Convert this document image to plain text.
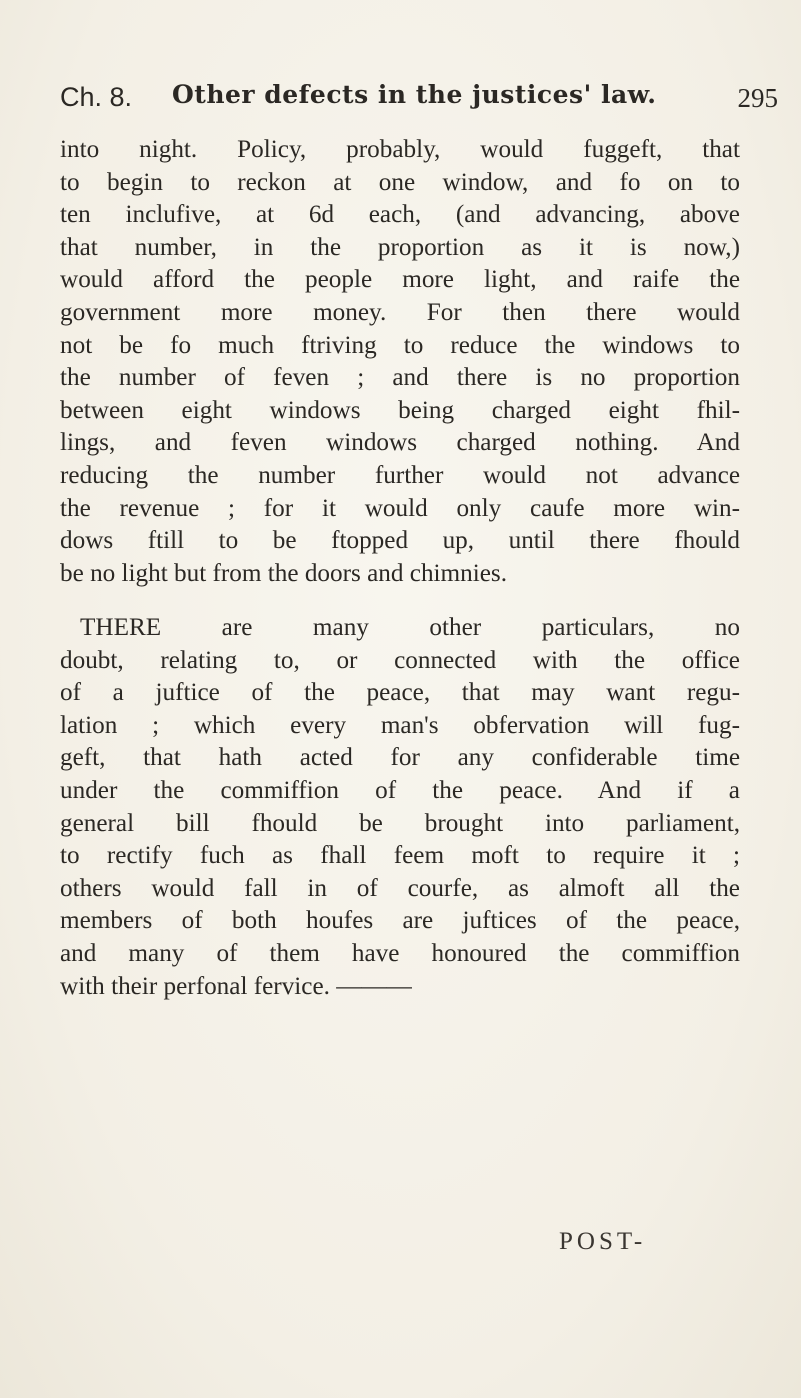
Ch. 8. Other defects in the justices' law.	295

into night. Policy, probably, would fuggeft, that
to begin to reckon at one window, and fo on to
ten inclufive, at 6d each, (and advancing, above
that number, in the proportion as it is now,)
would afford the people more light, and raife the
government more money. For then there would
not be fo much ftriving to reduce the windows to
the number of feven ; and there is no proportion
between eight windows being charged eight fhil-
lings, and feven windows charged nothing. And
reducing the number further would not advance
the revenue ; for it would only caufe more win-
dows ftill to be ftopped up, until there fhould
be no light but from the doors and chimnies.

THERE are many other particulars, no
doubt, relating to, or connected with the office
of a juftice of the peace, that may want regu-
lation ; which every man's obfervation will fug-
geft, that hath acted for any confiderable time
under the commiffion of the peace. And if a
general bill fhould be brought into parliament,
to rectify fuch as fhall feem moft to require it ;
others would fall in of courfe, as almoft all the
members of both houfes are juftices of the peace,
and many of them have honoured the commiffion
with their perfonal fervice. ———

POST-
